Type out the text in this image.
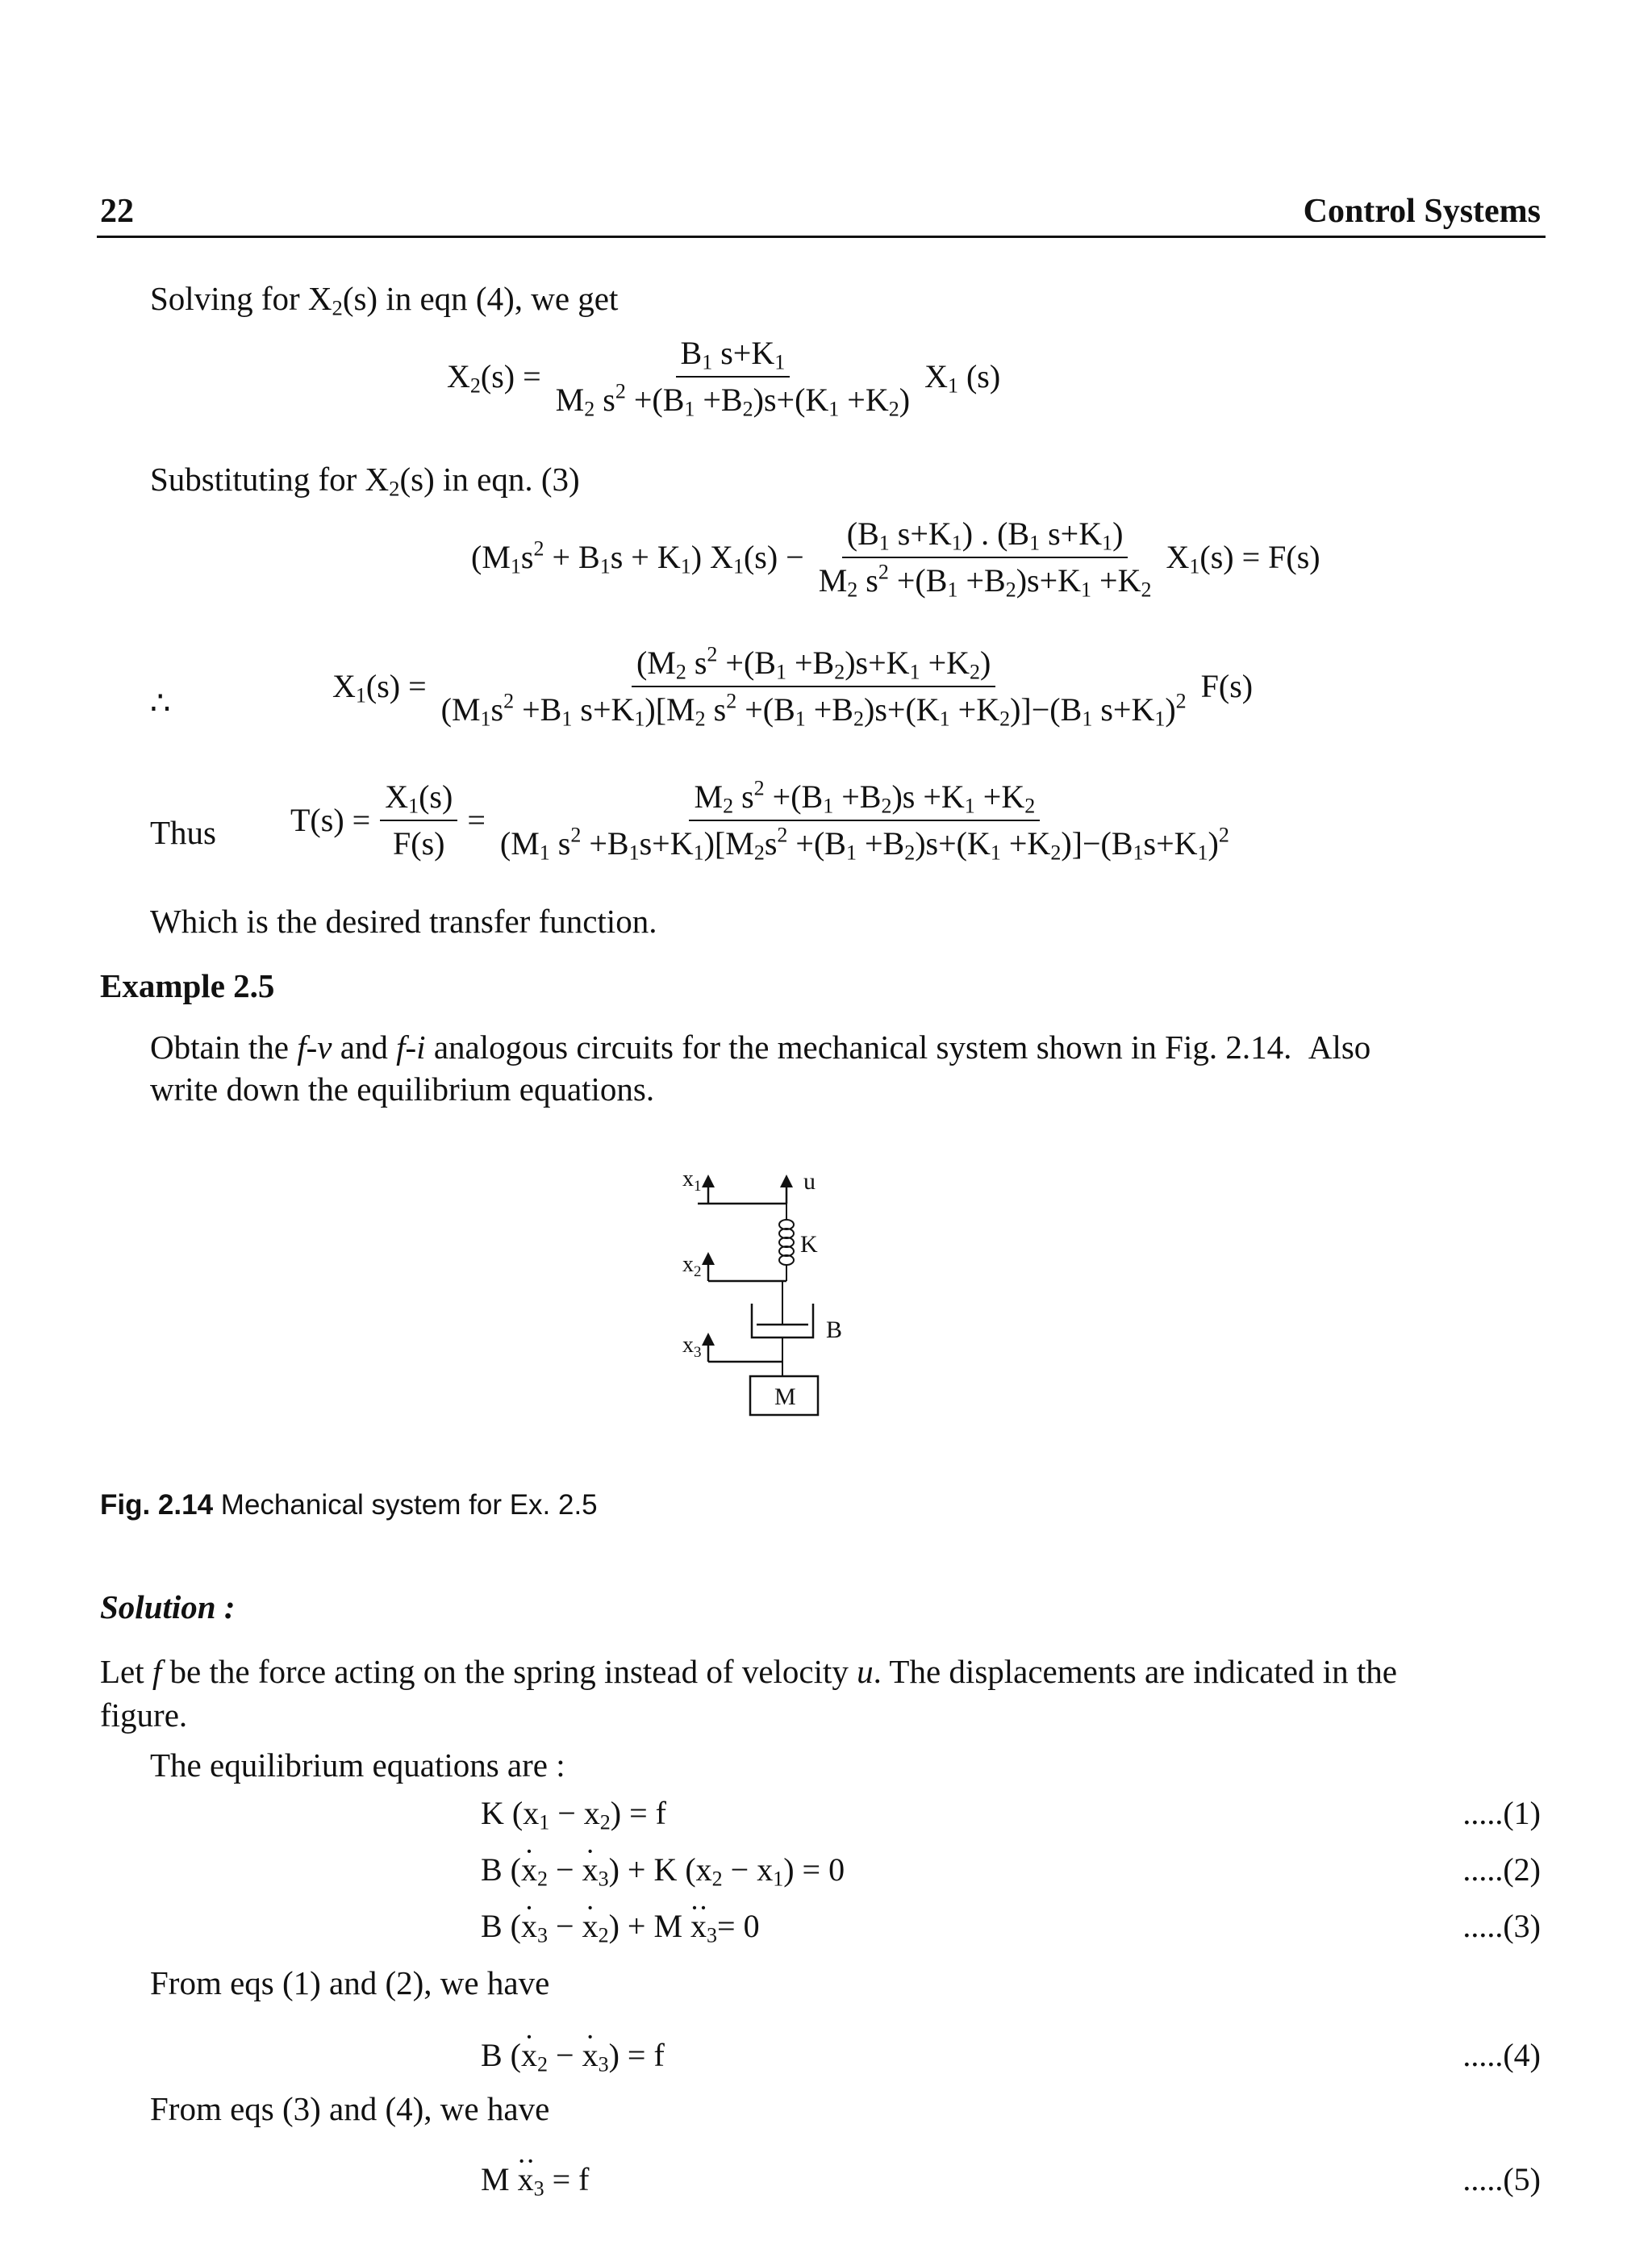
22	Control Systems
Solving for $X_2(s)$ in eqn (4), we get
$X_2(s) = \frac{B_1 s+K_1}{M_2 s^2 +(B_1 +B_2)s+(K_1 +K_2)} X_1$ (s)
Substituting for $X_2(s)$ in eqn. (3)
$(M_1s^2 + B_1s + K_1) X_1(s) - \frac{(B_1 s+K_1) . (B_1 s+K_1)}{M_2 s^2 +(B_1 +B_2)s+K_1 +K_2} X_1(s) = F(s)$
∴	$X_1(s) = \frac{(M_2 s^2 +(B_1 +B_2)s+K_1 +K_2)}{(M_1s^2 +B_1 s+K_1)[M_2 s^2 +(B_1 +B_2)s+(K_1 +K_2)]-(B_1 s+K_1)^2} F(s)$
Thus $T(s) = \frac{X_1(s)}{F(s)} = \frac{M_2 s^2 +(B_1 +B_2)s +K_1 +K_2}{(M_1 s^2 +B_1s+K_1)[M_2s^2 +(B_1 +B_2)s+(K_1 +K_2)]-(B_1s+K_1)^2}$
Which is the desired transfer function.
Example 2.5
Obtain the f-v and f-i analogous circuits for the mechanical system shown in Fig. 2.14.  Also
write down the equilibrium equations.
$x_1$	u
K
$x_2$
B
$x_3$
M
Fig. 2.14 Mechanical system for Ex. 2.5
Solution :
Let f be the force acting on the spring instead of velocity u. The displacements are indicated in the
figure.
The equilibrium equations are :
K $(x_1 - x_2) = f$	.....(1)
B $(x \cdot_2 - x \cdot_3) + K$ $(x_2 - x_1) = 0$	.....(2)
B $(x \cdot_3 - x \cdot_2) + M$ $x \cdot\cdot_3= 0$	.....(3)
From eqs (1) and (2), we have
B $(x \cdot_2 - x \cdot_3) = f$	.....(4)
From eqs (3) and (4), we have
M $x \cdot\cdot_3 = f$	.....(5)
